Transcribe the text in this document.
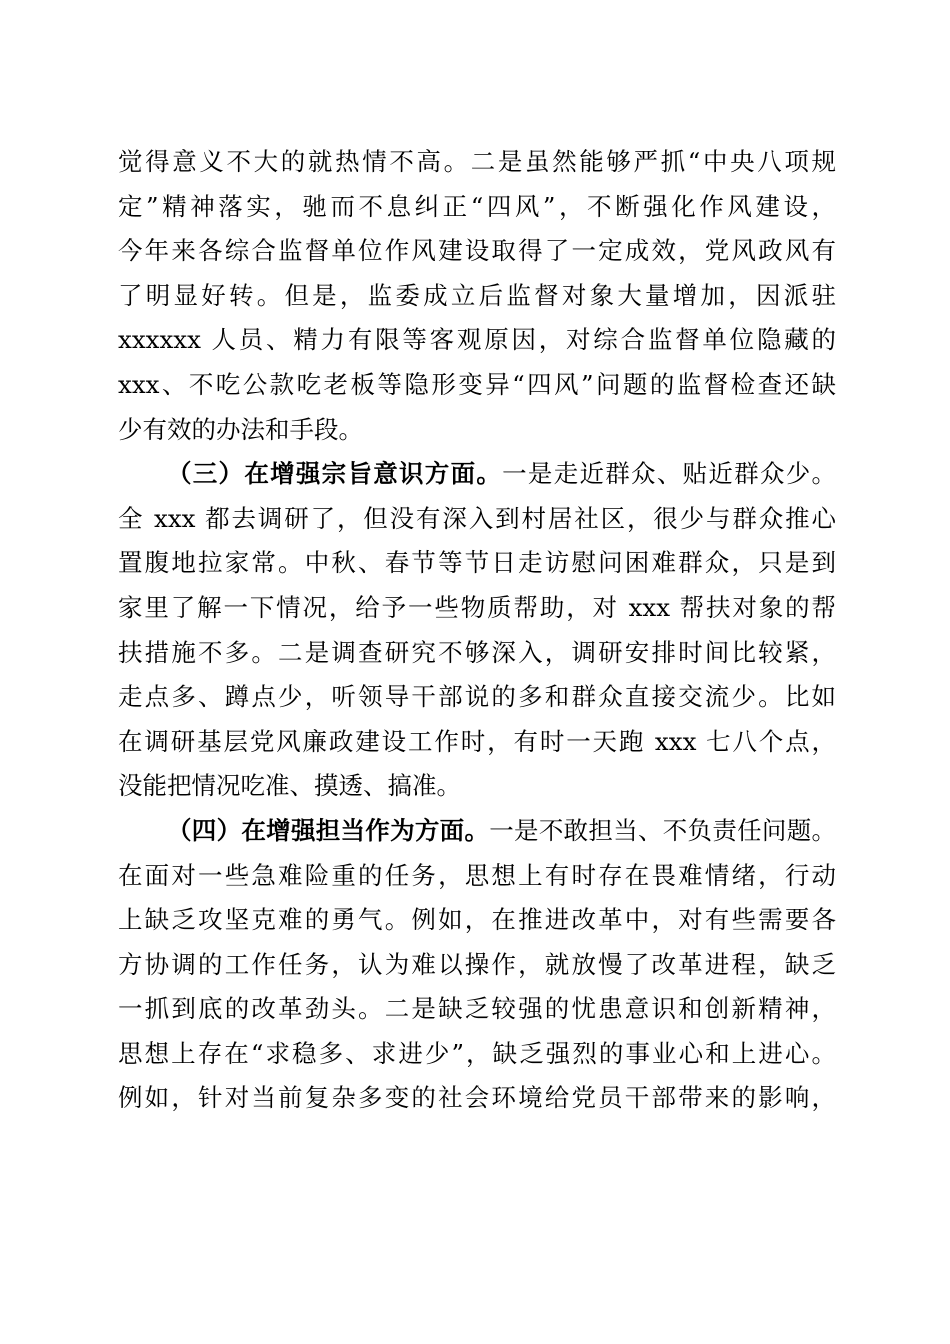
觉得意义不大的就热情不高。二是虽然能够严抓“中央八项规
定”精神落实，驰而不息纠正“四风”，不断强化作风建设，
今年来各综合监督单位作风建设取得了一定成效，党风政风有
了明显好转。但是，监委成立后监督对象大量增加，因派驻
xxxxxx 人员、精力有限等客观原因，对综合监督单位隐藏的
xxx、不吃公款吃老板等隐形变异“四风”问题的监督检查还缺
少有效的办法和手段。
（三）在增强宗旨意识方面。一是走近群众、贴近群众少。
全 xxx 都去调研了，但没有深入到村居社区，很少与群众推心
置腹地拉家常。中秋、春节等节日走访慰问困难群众，只是到
家里了解一下情况，给予一些物质帮助，对 xxx 帮扶对象的帮
扶措施不多。二是调查研究不够深入，调研安排时间比较紧，
走点多、蹲点少，听领导干部说的多和群众直接交流少。比如
在调研基层党风廉政建设工作时，有时一天跑 xxx 七八个点，
没能把情况吃准、摸透、搞准。
（四）在增强担当作为方面。一是不敢担当、不负责任问题。
在面对一些急难险重的任务，思想上有时存在畏难情绪，行动
上缺乏攻坚克难的勇气。例如，在推进改革中，对有些需要各
方协调的工作任务，认为难以操作，就放慢了改革进程，缺乏
一抓到底的改革劲头。二是缺乏较强的忧患意识和创新精神，
思想上存在“求稳多、求进少”，缺乏强烈的事业心和上进心。
例如，针对当前复杂多变的社会环境给党员干部带来的影响，
